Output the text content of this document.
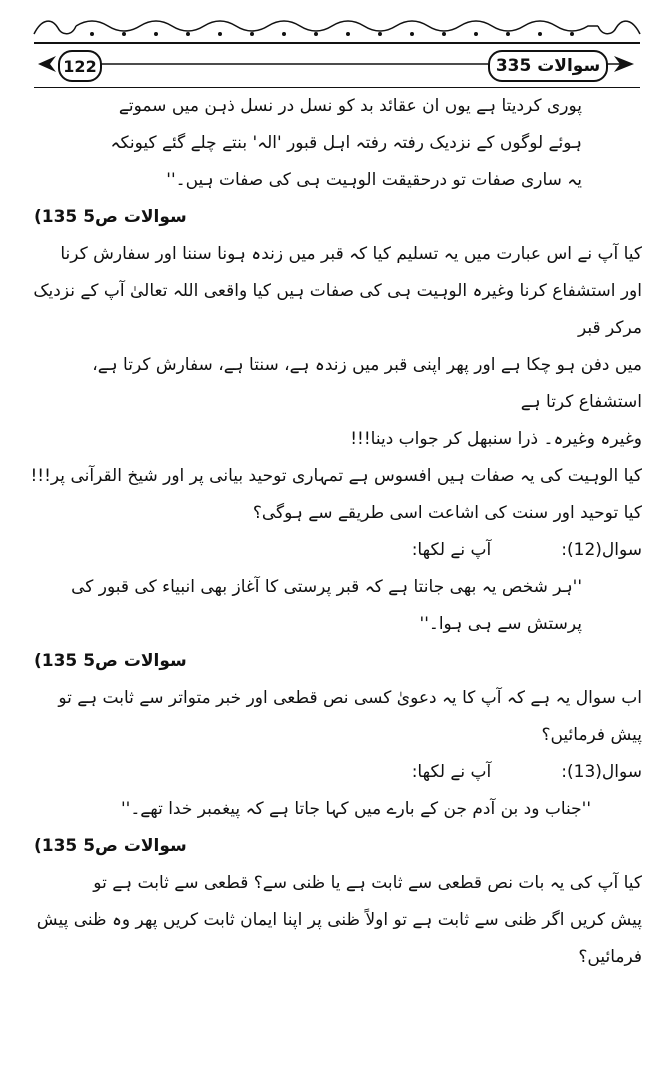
122	335 سوالات

پوری کردیتا ہے یوں ان عقائد بد کو نسل در نسل ذہن میں سموتے

ہوئے لوگوں کے نزدیک رفتہ رفتہ اہل قبور 'الہ' بنتے چلے گئے کیونکہ

یہ ساری صفات تو درحقیقت الوہیت ہی کی صفات ہیں۔''

(135 سوالات ص5

کیا آپ نے اس عبارت میں یہ تسلیم کیا کہ قبر میں زندہ ہونا سننا اور سفارش کرنا

اور استشفاع کرنا وغیرہ الوہیت ہی کی صفات ہیں کیا واقعی اللہ تعالیٰ آپ کے نزدیک مرکر قبر

میں دفن ہو چکا ہے اور پھر اپنی قبر میں زندہ ہے، سنتا ہے، سفارش کرتا ہے، استشفاع کرتا ہے

وغیرہ وغیرہ۔ ذرا سنبھل کر جواب دینا!!!

کیا الوہیت کی یہ صفات ہیں افسوس ہے تمہاری توحید بیانی پر اور شیخ القرآنی پر!!!

کیا توحید اور سنت کی اشاعت اسی طریقے سے ہوگی؟

سوال(12):
آپ نے لکھا:

''ہر شخص یہ بھی جانتا ہے کہ قبر پرستی کا آغاز بھی انبیاء کی قبور کی

پرستش سے ہی ہوا۔''

(135 سوالات ص5

اب سوال یہ ہے کہ آپ کا یہ دعویٰ کسی نص قطعی اور خبر متواتر سے ثابت ہے تو پیش فرمائیں؟

سوال(13):
آپ نے لکھا:

''جناب ود بن آدم جن کے بارے میں کہا جاتا ہے کہ پیغمبر خدا تھے۔''

(135 سوالات ص5

کیا آپ کی یہ بات نص قطعی سے ثابت ہے یا ظنی سے؟ قطعی سے ثابت ہے تو

پیش کریں اگر ظنی سے ثابت ہے تو اولاً ظنی پر اپنا ایمان ثابت کریں پھر وہ ظنی پیش فرمائیں؟
